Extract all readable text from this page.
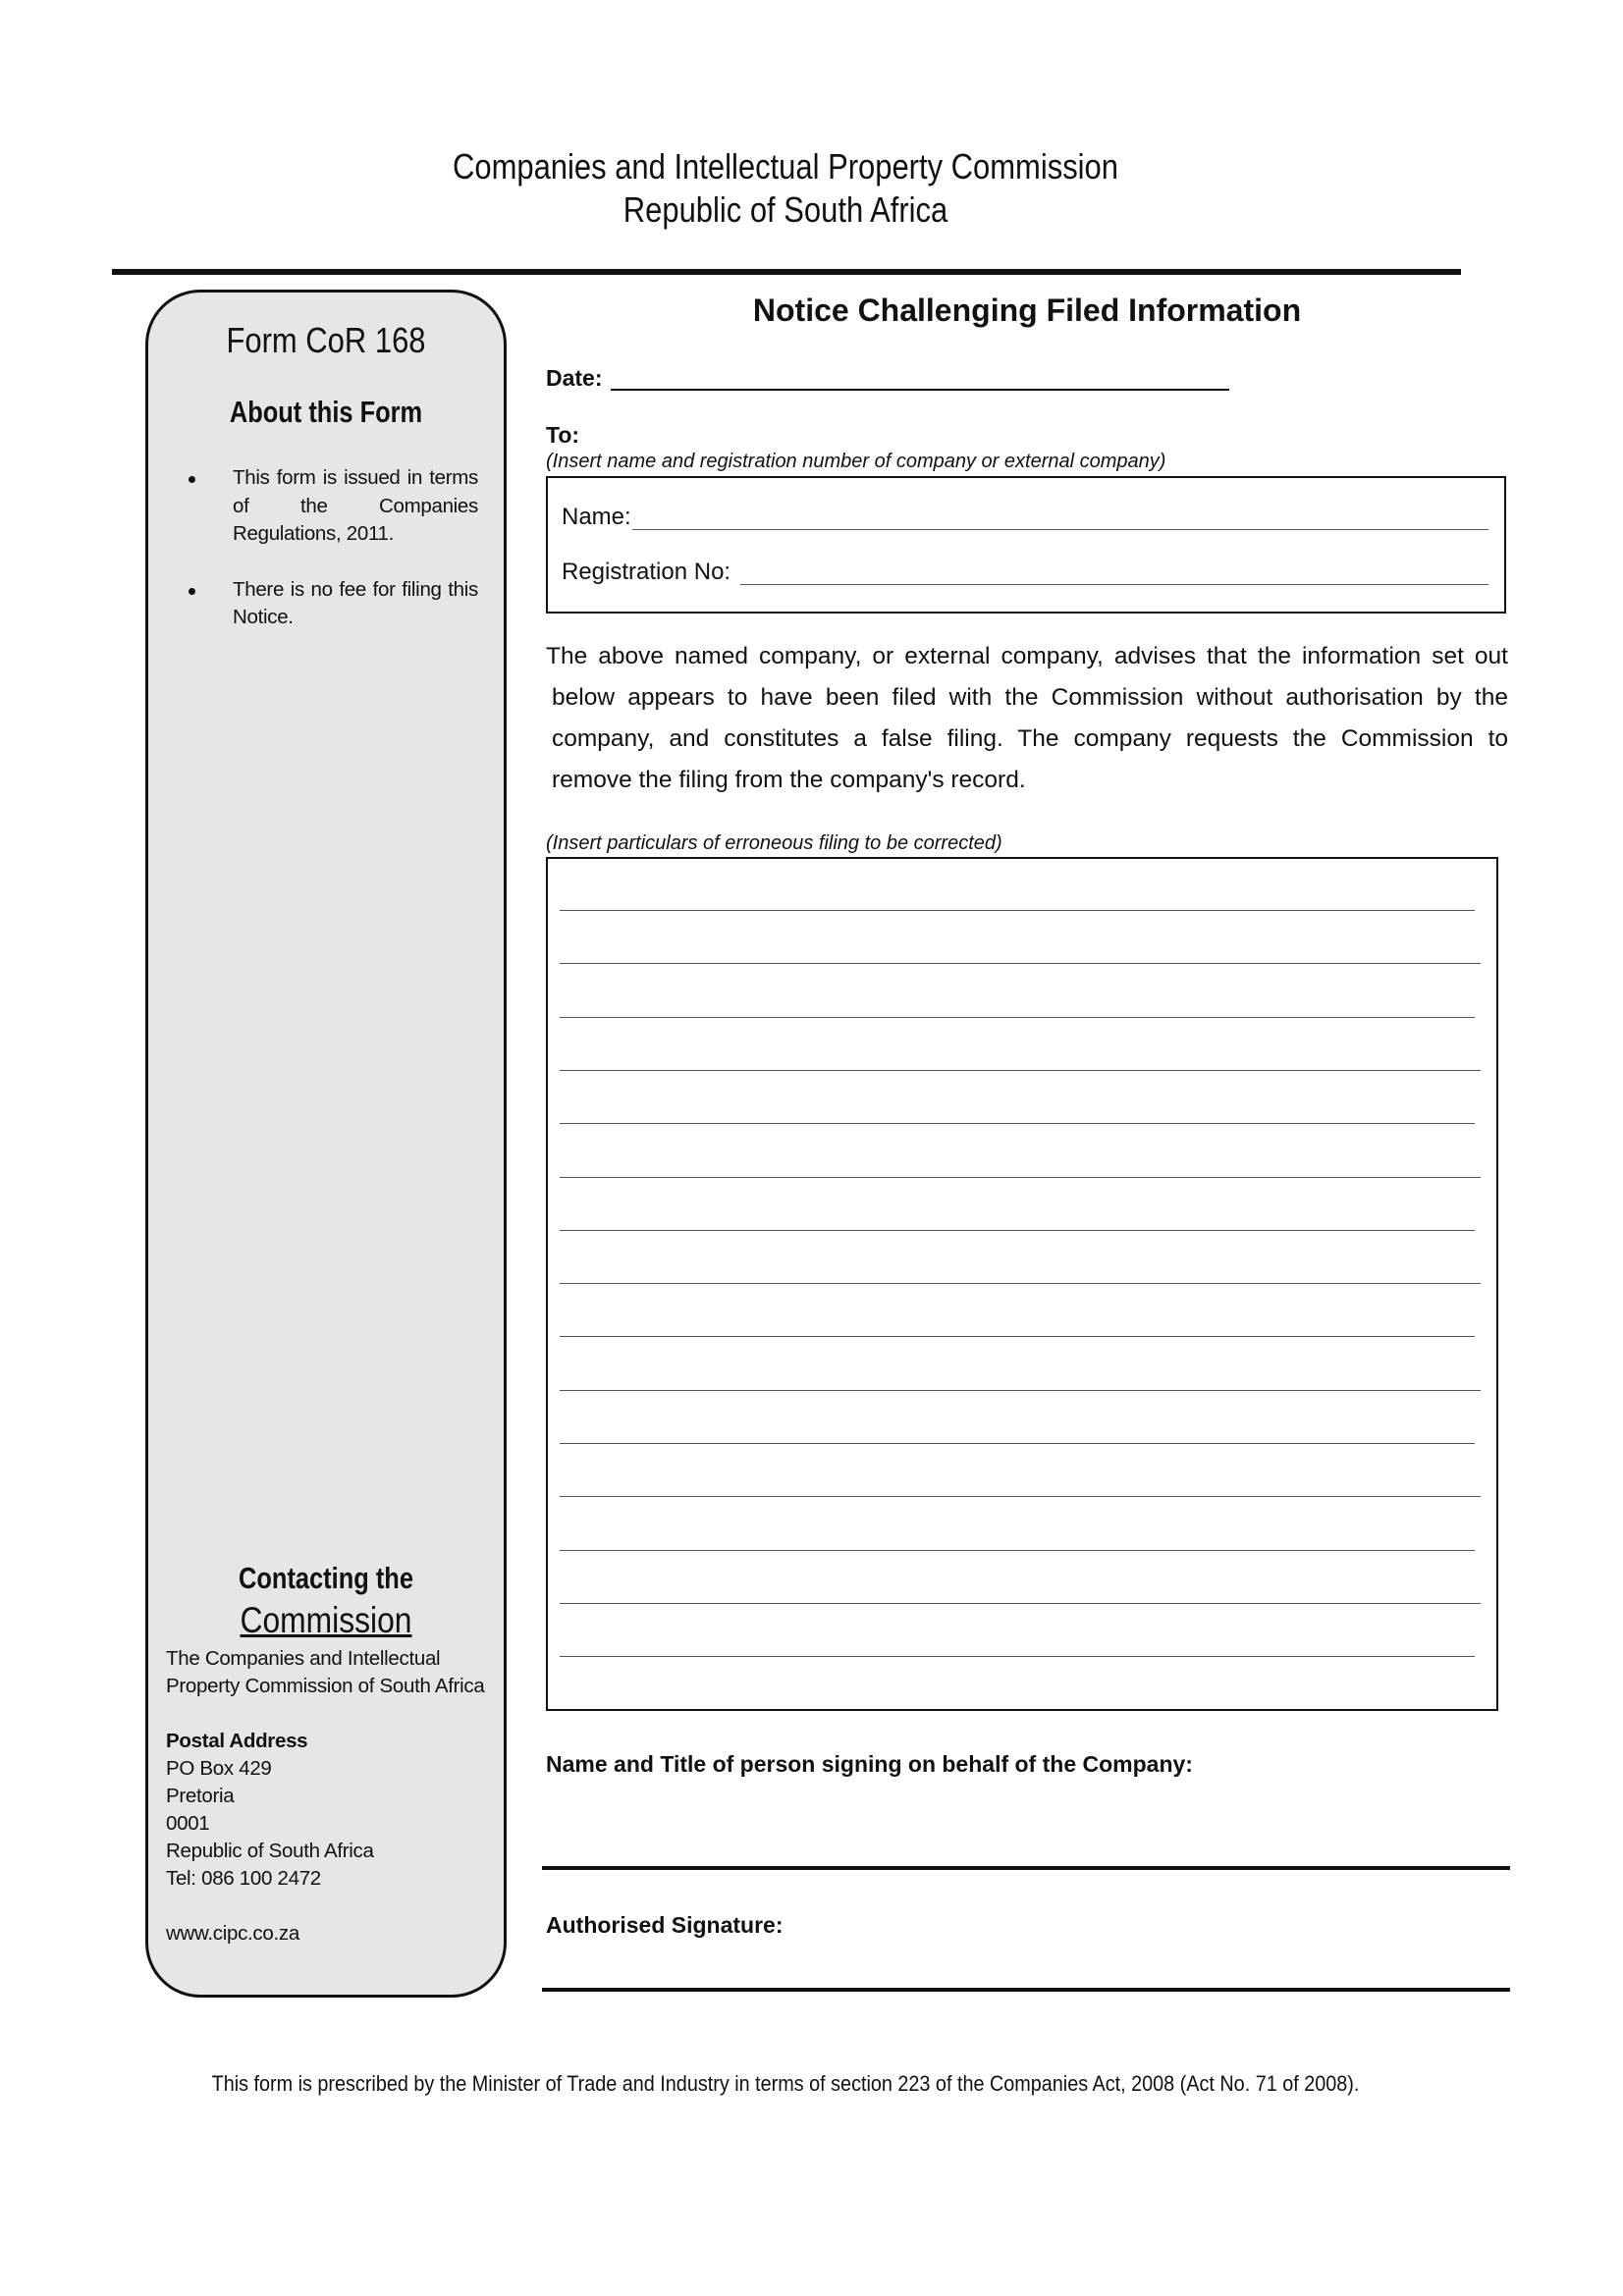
Companies and Intellectual Property Commission
Republic of South Africa
Form CoR 168
About this Form
This form is issued in terms of the Companies Regulations, 2011.
There is no fee for filing this Notice.
Contacting the
Commission
The Companies and Intellectual
Property Commission of South Africa
Postal Address
PO Box 429
Pretoria
0001
Republic of South Africa
Tel: 086 100 2472
www.cipc.co.za
Notice Challenging Filed Information
Date:
To:
(Insert name and registration number of company or external company)
Name:
Registration No:
The above named company, or external company, advises that the information set out
below appears to have been filed with the Commission without authorisation by the
company, and constitutes a false filing. The company requests the Commission to
remove the filing from the company's record.
(Insert particulars of erroneous filing to be corrected)
Name and Title of person signing on behalf of the Company:
Authorised Signature:
This form is prescribed by the Minister of Trade and Industry in terms of section 223 of the Companies Act, 2008 (Act No. 71 of 2008).
